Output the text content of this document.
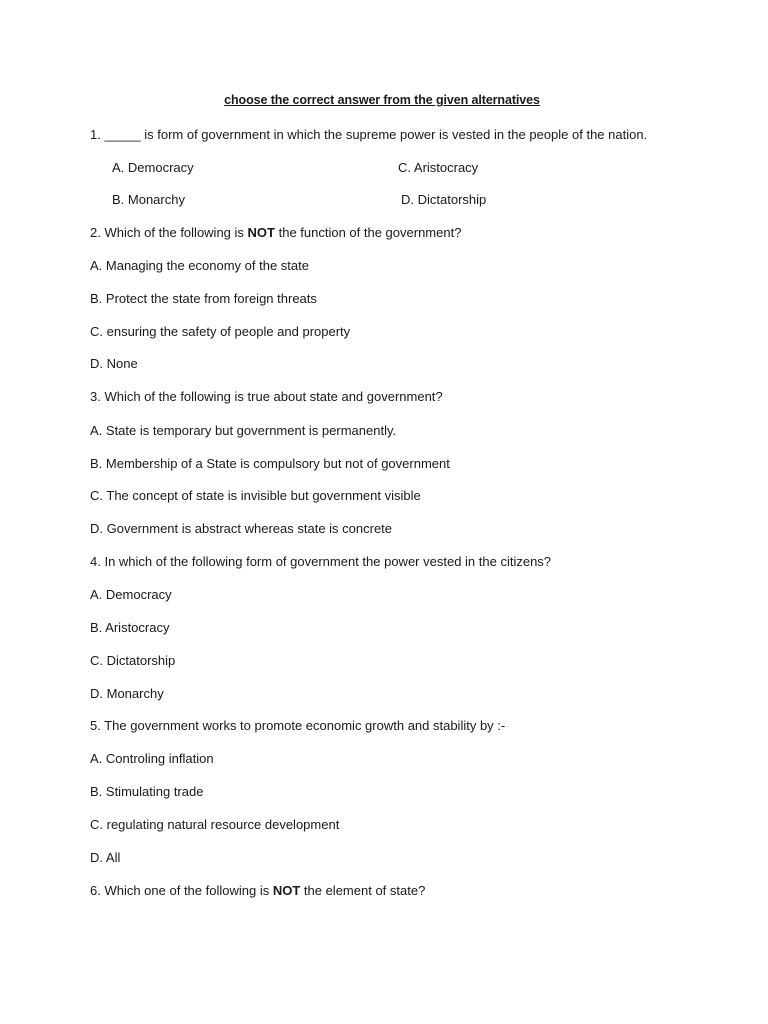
choose the correct answer from the given alternatives
1. _____ is form of government in which the supreme power is vested in the people of the nation.
A. Democracy	C. Aristocracy
B. Monarchy	D. Dictatorship
2. Which of the following is NOT the function of the government?
A. Managing the economy of the state
B. Protect the state from foreign threats
C. ensuring the safety of people and property
D. None
3. Which of the following is true about state and government?
A. State is temporary but government is permanently.
B. Membership of a State is compulsory but not of government
C. The concept of state is invisible but government visible
D. Government is abstract whereas state is concrete
4. In which of the following form of government the power vested in the citizens?
A. Democracy
B. Aristocracy
C. Dictatorship
D. Monarchy
5. The government works to promote economic growth and stability by :-
A. Controling inflation
B. Stimulating trade
C. regulating natural resource development
D. All
6. Which one of the following is NOT the element of state?
